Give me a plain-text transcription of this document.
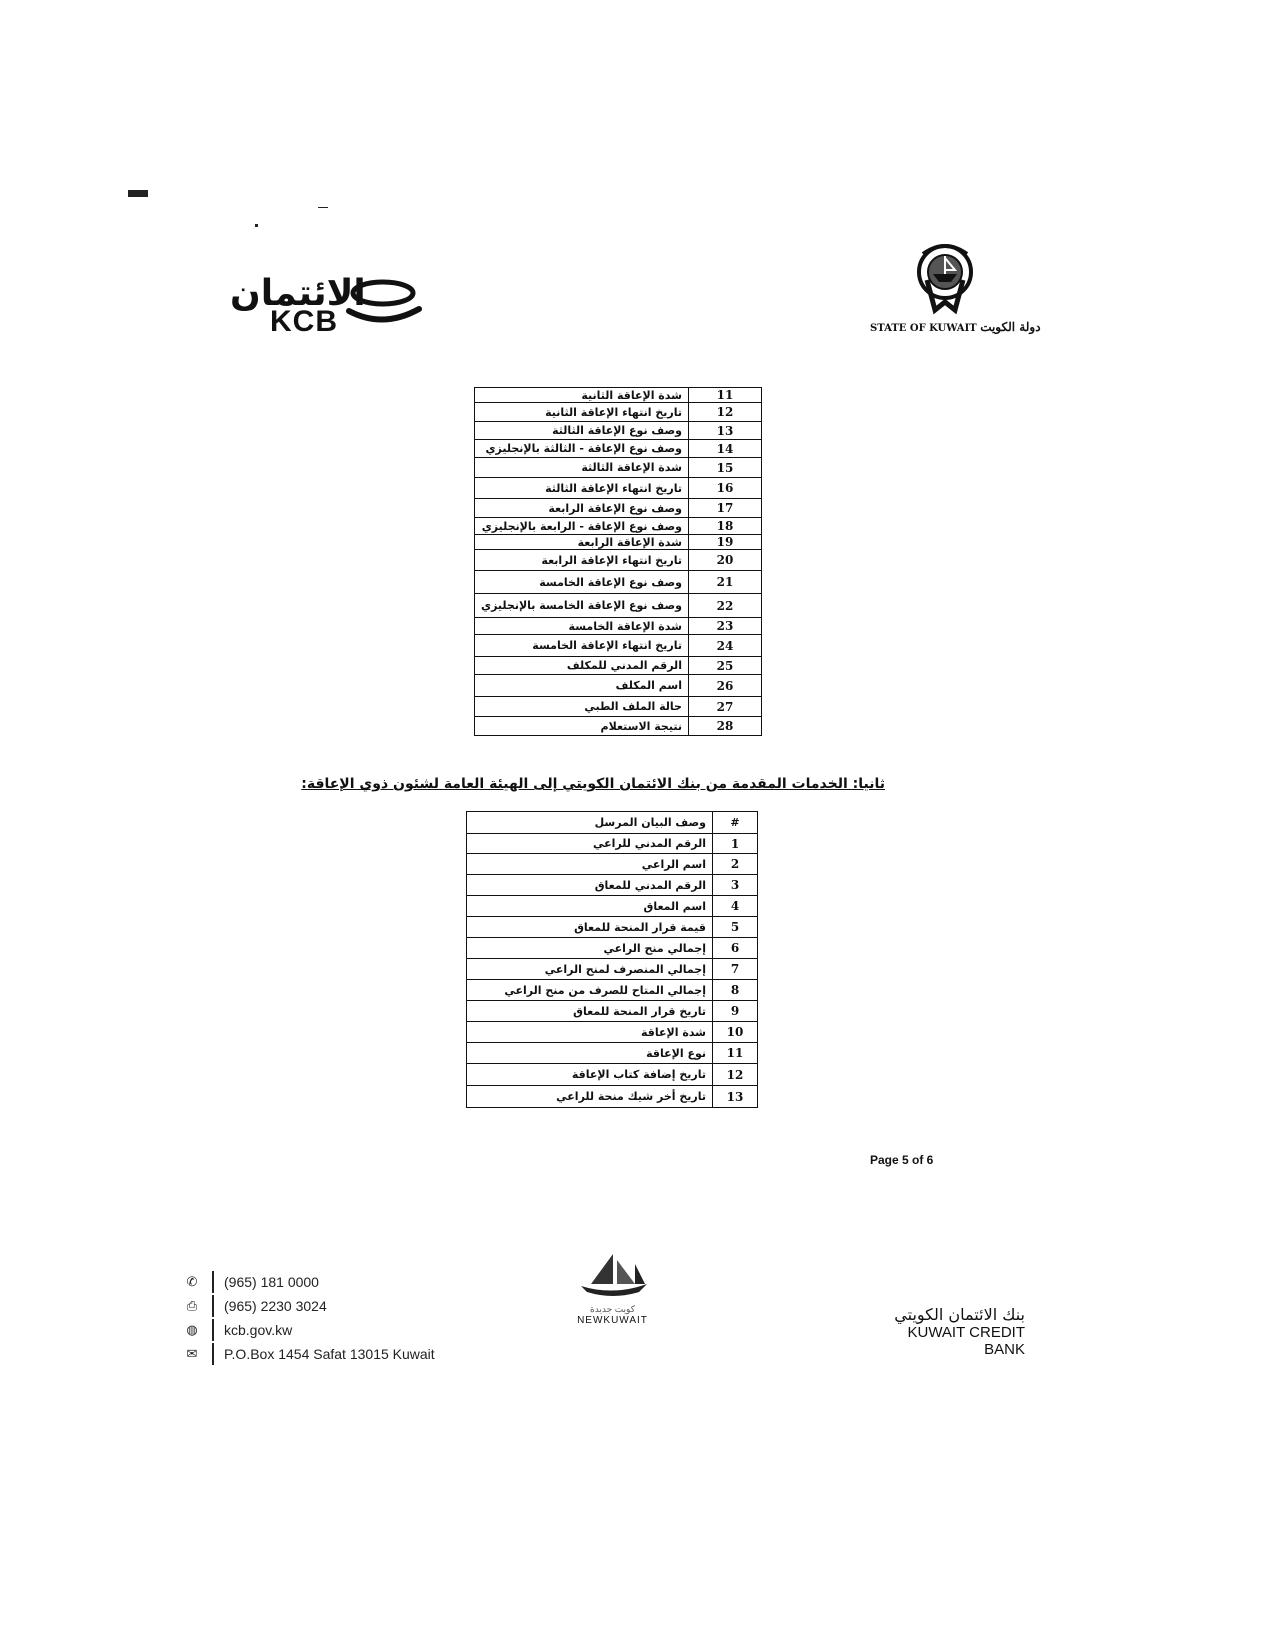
الائتمان
KCB	STATE OF KUWAIT دولة الكويت
شدة الإعاقة الثانية	11
تاريخ انتهاء الإعاقة الثانية	12
وصف نوع الإعاقة الثالثة	13
وصف نوع الإعاقة - الثالثة بالإنجليزي	14
شدة الإعاقة الثالثة	15
تاريخ انتهاء الإعاقة الثالثة	16
وصف نوع الإعاقة الرابعة	17
وصف نوع الإعاقة - الرابعة بالإنجليزي	18
شدة الإعاقة الرابعة	19
تاريخ انتهاء الإعاقة الرابعة	20
وصف نوع الإعاقة الخامسة	21
وصف نوع الإعاقة الخامسة بالإنجليزي	22
شدة الإعاقة الخامسة	23
تاريخ انتهاء الإعاقة الخامسة	24
الرقم المدني للمكلف	25
اسم المكلف	26
حالة الملف الطبي	27
نتيجة الاستعلام	28
ثانيا: الخدمات المقدمة من بنك الائتمان الكويتي إلى الهيئة العامة لشئون ذوي الإعاقة:
وصف البيان المرسل	#
الرقم المدني للراعي	1
اسم الراعي	2
الرقم المدني للمعاق	3
اسم المعاق	4
قيمة قرار المنحة للمعاق	5
إجمالي منح الراعي	6
إجمالي المنصرف لمنح الراعي	7
إجمالي المتاح للصرف من منح الراعي	8
تاريخ قرار المنحة للمعاق	9
شدة الإعاقة	10
نوع الإعاقة	11
تاريخ إضافة كتاب الإعاقة	12
تاريخ أخر شيك منحة للراعي	13
Page 5 of 6
✆	(965) 181 0000
⎙	(965) 2230 3024
◍	kcb.gov.kw
✉	P.O.Box 1454 Safat 13015 Kuwait
كويت جديدة
NEWKUWAIT	بنك الائتمان الكويتي
KUWAIT CREDIT BANK
